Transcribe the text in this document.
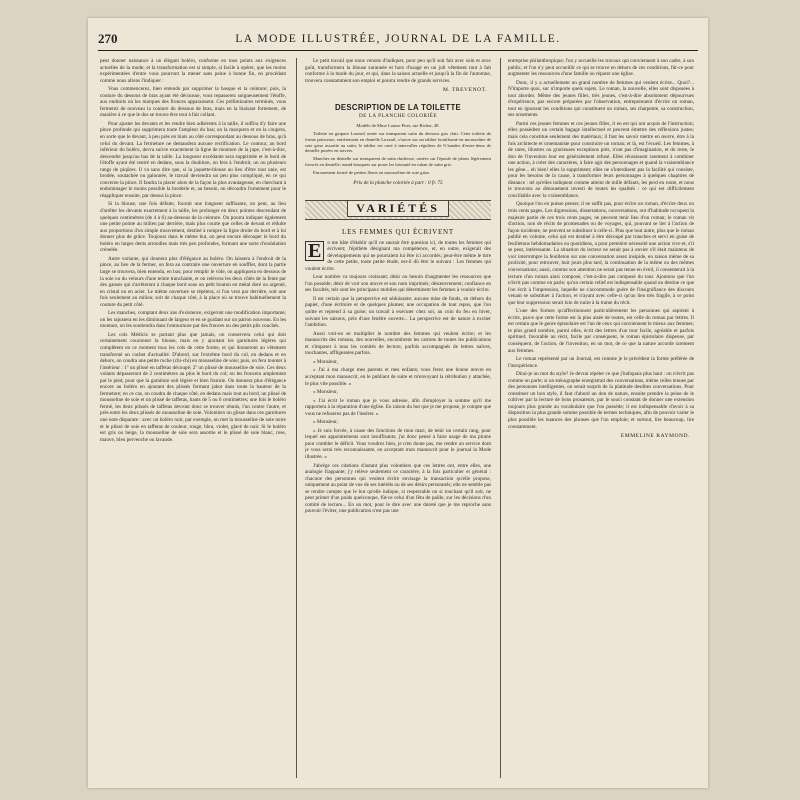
270	LA MODE ILLUSTRÉE, JOURNAL DE LA FAMILLE.

peut donner naissance à un élégant boléro, conforme en tous points aux exigences actuelles de la mode; et la transformation est si simple, si facile à opérer, que les moins expérimentées d'entre vous pourront la mener sans peine à bonne fin, en procédant comme nous allons l'indiquer :

Vous commencerez, bien entendu par supprimer la basque et la ceinture; puis, la couture du dessous de bras ayant été décousue, vous repasserez soigneusement l'étoffe, aux endroits où les marques des fronces apparaissent. Ces préliminaires terminés, vous fermerez de nouveau la couture du dessous de bras, mais en la biaisant fortement, de manière à ce que le dos se trouve être tout à fait collant.

Pour ajuster les devants et les rendre bien adhérents à la taille, il suffira d'y faire une pince profonde qui supprimera toute l'ampleur du bas; on la marquera et on la coupera, en sorte que le devant, à peu près en biais au côté correspondant au dessous de bras, qu'à celui du devant. La fermeture ne demandera aucune rectification. Le contour, au bord inférieur du boléro, devra suivre exactement la ligne de monture de la jupe, c'est-à-dire, descendre jusqu'au bas de la taille. La longueur excédante sera supprimée et le bord de l'étoffe ayant été rentré en dedans, sous la doublure, on fera à l'endroit, un ou plusieurs rangs de piqûres. Il va sans dire que, si la jaquette-blouse au lieu d'être tout unie, est brodée, soutachée ou galonnée, le travail deviendra un peu plus compliqué, en ce qui concerne la pince. Il faudra la placer alors de la façon la plus avantageuse, en cherchant à endommager le moins possible la broderie et, au besoin, on découdra l'ornement pour le réappliquer ensuite, par dessus la pince.

Si la blouse, une fois défaite, fournit une longueur suffisante, on peut, au lieu d'arrêter les devants exactement à la taille, les prolonger en deux pointes descendant de quelques centimètres (de 4 à 6) au-dessous de la ceinture. On pourra indiquer également une petite pointe au milieu par derrière, mais plus courte que celles de devant et réduite aux proportions d'un simple mouvement, destiné à rompre la ligne droite du bord et à lui donner plus de grâce. Toujours dans le même but, on peut encore découper le bord du boléro en larges dents arrondies mais très peu profondes, formant une sorte d'ondulation crénelée.

Autre variante, qui donnera plus d'élégance au boléro. On laissera à l'endroit de la pince, au lieu de la fermer, on fera au contraire une ouverture en soufflet, dont la partie large se trouvera, bien entendu, en bas; pour remplir le vide, on appliquera en dessous de la soie ou du velours d'une teinte tranchante, et on relèvera les deux côtés de la fente par des ganses qui s'arrêteront à chaque bord sous un petit bouton en métal doré ou argenté, en cristal ou en acier. Le même ouverture se répétera, si l'on veut par derrière, soit une fois seulement au milieu; soit de chaque côté, à la place où se trouve habituellement la couture du petit côté.

Les manches, comptant deux ans d'existence, exigeront une modification importante; on les rajustera en les diminuant de largeur et en se guidant sur un patron nouveau. En les montant, on les soutiendra dans l'entournure par des fronces ou des petits plis couchés.

Les cols Médicis se portant plus que jamais, on conservera celui qui doit certainement couronner la blouse, mais en y ajoutant les garnitures légères qui complètent en ce moment tous les cols de cette forme, et qui donneront au vêtement transformé un cachet d'actualité. D'abord, sur l'extrême bord du col, en dedans et en dehors, on coudra une petite ruche (chi-chi) en mousseline de soie; puis, on fera monter à l'intérieur : 1º un plissé en taffetas découpé; 2º un plissé de mousseline de soie. Ces deux volants dépasseront de 2 centimètres au plus le bord du col; on les froncera amplement par le pied, pour que la garniture soit légère et bien fournie. On donnera plus d'élégance encore au boléro en ajoutant des plissés formant jabot dans toute la hauteur de la fermeture; en ce cas, on coudra de chaque côté, en dedans mais tout au bord, un plissé de mousseline de soie et un plissé de taffetas, hauts de 5 ou 6 centimètres; une fois le boléro fermé, les deux plissés de taffetas devront donc se trouver réunis, l'un contre l'autre, et près entre les deux plissés de mousseline de soie. Volontiers on glisse dans ces garnitures une note disparate : avec un boléro noir, par exemple, on met la mousseline de soie noire et le plissé de soie en taffetas de couleur, rouge, bleu, violet, glacé de noir. Si le boléro est gris ou beige, la mousseline de soie sera assortie et le plissé de soie blanc, rose, mauve, bleu pervenche ou lavande.

Le petit travail que nous venons d'indiquer, pour peu qu'il soit fait avec soin et avec goût, transformera la blouse surannée et hors d'usage en un joli vêtement tout à fait conforme à la mode du jour, et qui, dans la saison actuelle et jusqu'à la fin de l'automne, trouvera constamment son emploi et pourra rendre de grands services.

M. TREVENOT.
DESCRIPTION DE LA TOILETTE
DE LA PLANCHE COLORIÉE

Modèle de Mme Louise Piret, rue Richer, 48.

Toilette en guipure Luxeuil ornée sur transparent satin du dessous gris clair. Cette toilette de forme princesse, entièrement en dentelle Luxeuil, s'ouvre sur un tablier bouillonné en mousseline de soie grise assortie au satin; le tablier est orné à intervalles réguliers de 8 bandes d'entre-deux de dentelle posées en travers.

Manches en dentelle sur transparent de satin duchesse, ornées sur l'épaule de jabots légèrement froncés en dentelle; nœud bouquets sur poser les biseauté en ruban de satin gris.

Enrouement formé de petites fleurs en mousseline de soie grise.

Prix de la planche coloriée à part : 0 fr. 75
VARIÉTÉS
LES FEMMES QUI ÉCRIVENT

E	n me hâte d'établir qu'il ne saurait être question ici, de toutes les femmes qui écrivent; l'épithète désignant ma compétence, et, en outre, exigerait des développements qui ne pourraient lui être ici accordés; peut-être même le titre de cette petite, toute petite étude, est-il dû être le suivant : Les femmes qui voulent écrire.

Leur nombre va toujours croissant; désir ou besoin d'augmenter les ressources que l'on possède; désir de voir son œuvre et son nom imprimés; désœuvrement; confiance en ses facultés, tels sont les principaux mobiles qui déterminent les femmes à vouloir écrire.

Il est certain que la perspective est séduisante; aucune mise de fonds, en dehors du papier, d'une écritoire et de quelques plumes; une occupation de tout repos, que l'on quitte et reprend à sa guise; un travail à exécuter chez soi, au coin du feu en hiver, suivant les saisons, près d'une fenêtre ouverte... La perspective est de nature à exciter l'ambition.

Aussi voit-on se multiplier le nombre des femmes qui veulent écrire; et les manuscrits des romans, des nouvelles, encombrent les cartons de toutes les publications et s'imposer à tous les comités de lecture, parfois accompagnés de lettres naïves, touchantes, affligeantes parfois.

« Monsieur,

« J'ai à ma charge mes parents et mes enfants; vous ferez une bonne œuvre en acceptant mon manuscrit, en le publiant de suite et m'envoyant la rétribution y attachée, le plus vite possible. »

« Monsieur,

« J'ai écrit le roman que je vous adresse, afin d'employer la somme qu'il me rapportera à la réparation d'une église. En raison du but que je me propose, je compte que vous ne refuserez pas de l'insérer. »

« Monsieur,

« Je suis forcée, à cause des fonctions de mon mari, de tenir un certain rang, pour lequel ses appointements sont insuffisants; j'ai donc pensé à faire usage de ma plume pour combler le déficit. Vous voudrez bien, je n'en doute pas, me rendre un service dont je vous serai très reconnaissante, en acceptant mon manuscrit pour le journal la Mode illustrée. »

J'abrège ces citations d'autant plus volontiers que ces lettres ont, entre elles, une analogie frappante; j'y relève seulement ce caractère, à la fois particulier et général : chacune des personnes qui veulent écrire envisage la transaction qu'elle propose, uniquement au point de vue de ses intérêts ou de ses désirs personnels; elle ne semble pas se rendre compte que le but qu'elle indique, si respectable ou si touchant qu'il soit, ne peut primer d'un poids quelconque, fût-ce celui d'un fêtu de paille, sur les décisions d'un comité de lecture... En un mot, pour le dire avec une dureté que je me reproche sans pouvoir l'éviter, une publication n'est pas une

entreprise philanthropique; l'on y accueille les travaux qui conviennent à son cadre, à son public, et l'on n'y peut accueillir ce qui se trouve en dehors de ces conditions, fût-ce pour augmenter les ressources d'une famille ou réparer une église.

Donc, il y a actuellement un grand nombre de femmes qui veulent écrire... Quoi?... N'importe quoi, sur n'importe quels sujets. Le roman, la nouvelle, elles sont disposées à tout aborder. Même des jeunes filles, très jeunes, c'est-à-dire absolument dépourvues d'expérience, pas encore préparées par l'observation, entreprennent d'écrire un roman, tout en ignorant les conditions qui constituent un roman, ses charpente, sa construction, ses ornements.

Parmi ces jeunes femmes et ces jeunes filles, il en est qui ont acquis de l'instruction; elles possèdent un certain bagage intellectuel et peuvent émettre des réflexions justes; mais cela constitue seulement des matériaux; il faut les savoir mettre en œuvre, être à la fois architecte et ornemaniste pour construire un roman; et là, est l'écueil. Les femmes, à de rares, illustres ou gracieuses exceptions près, n'ont pas d'imagination, et du reste, le don de l'invention leur est généralement refusé. Elles réussissent rarement à combiner une action, à créer des caractères, à faire agir des personnages et quand la vraisemblance les gêne... eh bien! elles la suppriment; elles ne s'interdisent pas la facilité qui consiste, pour les besoins de la cause, à transformer leurs personnages à quelques chapitres de distance : tel qu'elles indiquent comme atteint de mille défauts, les perd en route, et nous le trouvons au dénouement investi de toutes les qualités : ce qui est difficilement conciliable avec la vraisemblance.

Quoique l'on en puisse penser, il ne suffit pas, pour écrire un roman, d'écrire deux ou trois cents pages. Les digressions, dissertations, conversations, ont d'habitude occupent la majeure partie de ces trois cents pages, ne peuvent tenir lieu d'un roman; le roman vit d'action, non de récits de promenades ou de voyages, qui, pouvant se lier à l'action de façon incidente, ne peuvent se substituer à celle-ci. Plus que tout autre, plus que le roman publié en volume, celui qui est destiné à être découpé par tranches et servi en guise de feuilletons hebdomadaires ou quotidiens, a pour première nécessité une action vive et, s'il se peut, intéressante. La situation du lecteur ne serait pas à envier s'il était maintenu de voir interrompre la feuilleton sur une conversation assez insipide, en raison même de sa prolixité, pour retrouver, huit jours plus tard, la continuation de la même ou des mêmes conversations; aussi, comme son attention ne serait pas tenue en éveil, il consenterait à la lecture d'un roman ainsi composé, c'est-à-dire pas composé du tout. Ajoutons que l'on n'écrit pas comme on parle; qu'un certain relief est indispensable quand on destine ce que l'on écrit à l'impression, laquelle ne s'accommode guère de l'insignifiance des discours venant se substituer à l'action, et n'ayant avec celle-ci qu'un lien très fragile, à ce point que leur suppression serait loin de nuire à la trame du récit.

L'une des formes qu'affectionnent particulièrement les personnes qui aspirent à écrire, parce que cette forme est la plus aisée de toutes, est celle du roman par lettres. Il est certain que le genre épistolaire est l'un de ceux qui conviennent le mieux aux femmes; le plus grand nombre, parmi elles, écrit des lettres d'un tour facile, agréable et parfois spirituel; favorable au récit, facile par conséquent, le roman épistolaire dispense, par conséquent, de l'action, de l'invention, en un mot, de ce que la nature accorde rarement aux femmes.

Le roman représenté par un Journal, est comme je le précédent la forme préférée de l'inexpérience.

Dirai-je un mot du style? Je devrai répéter ce que j'indiquais plus haut : on n'écrit pas comme on parle; si un sténographe enregistrait des conversations, même celles tenues par des personnes intelligentes, on serait surpris de la platitude desdites conversations. Pour constituer un bon style, il faut d'abord un don de nature, ensuite prendre la peine de le cultiver par la lecture de bons prosateurs, par le souci constant de donner une extension toujours plus grande au vocabulaire que l'on possède; il est indispensable d'avoir à sa disposition la plus grande somme possible de termes techniques, afin de pouvoir varier le plus possible les nuances des phrases que l'on emploie; et surtout, lire beaucoup, lire constamment.

EMMELINE RAYMOND.
